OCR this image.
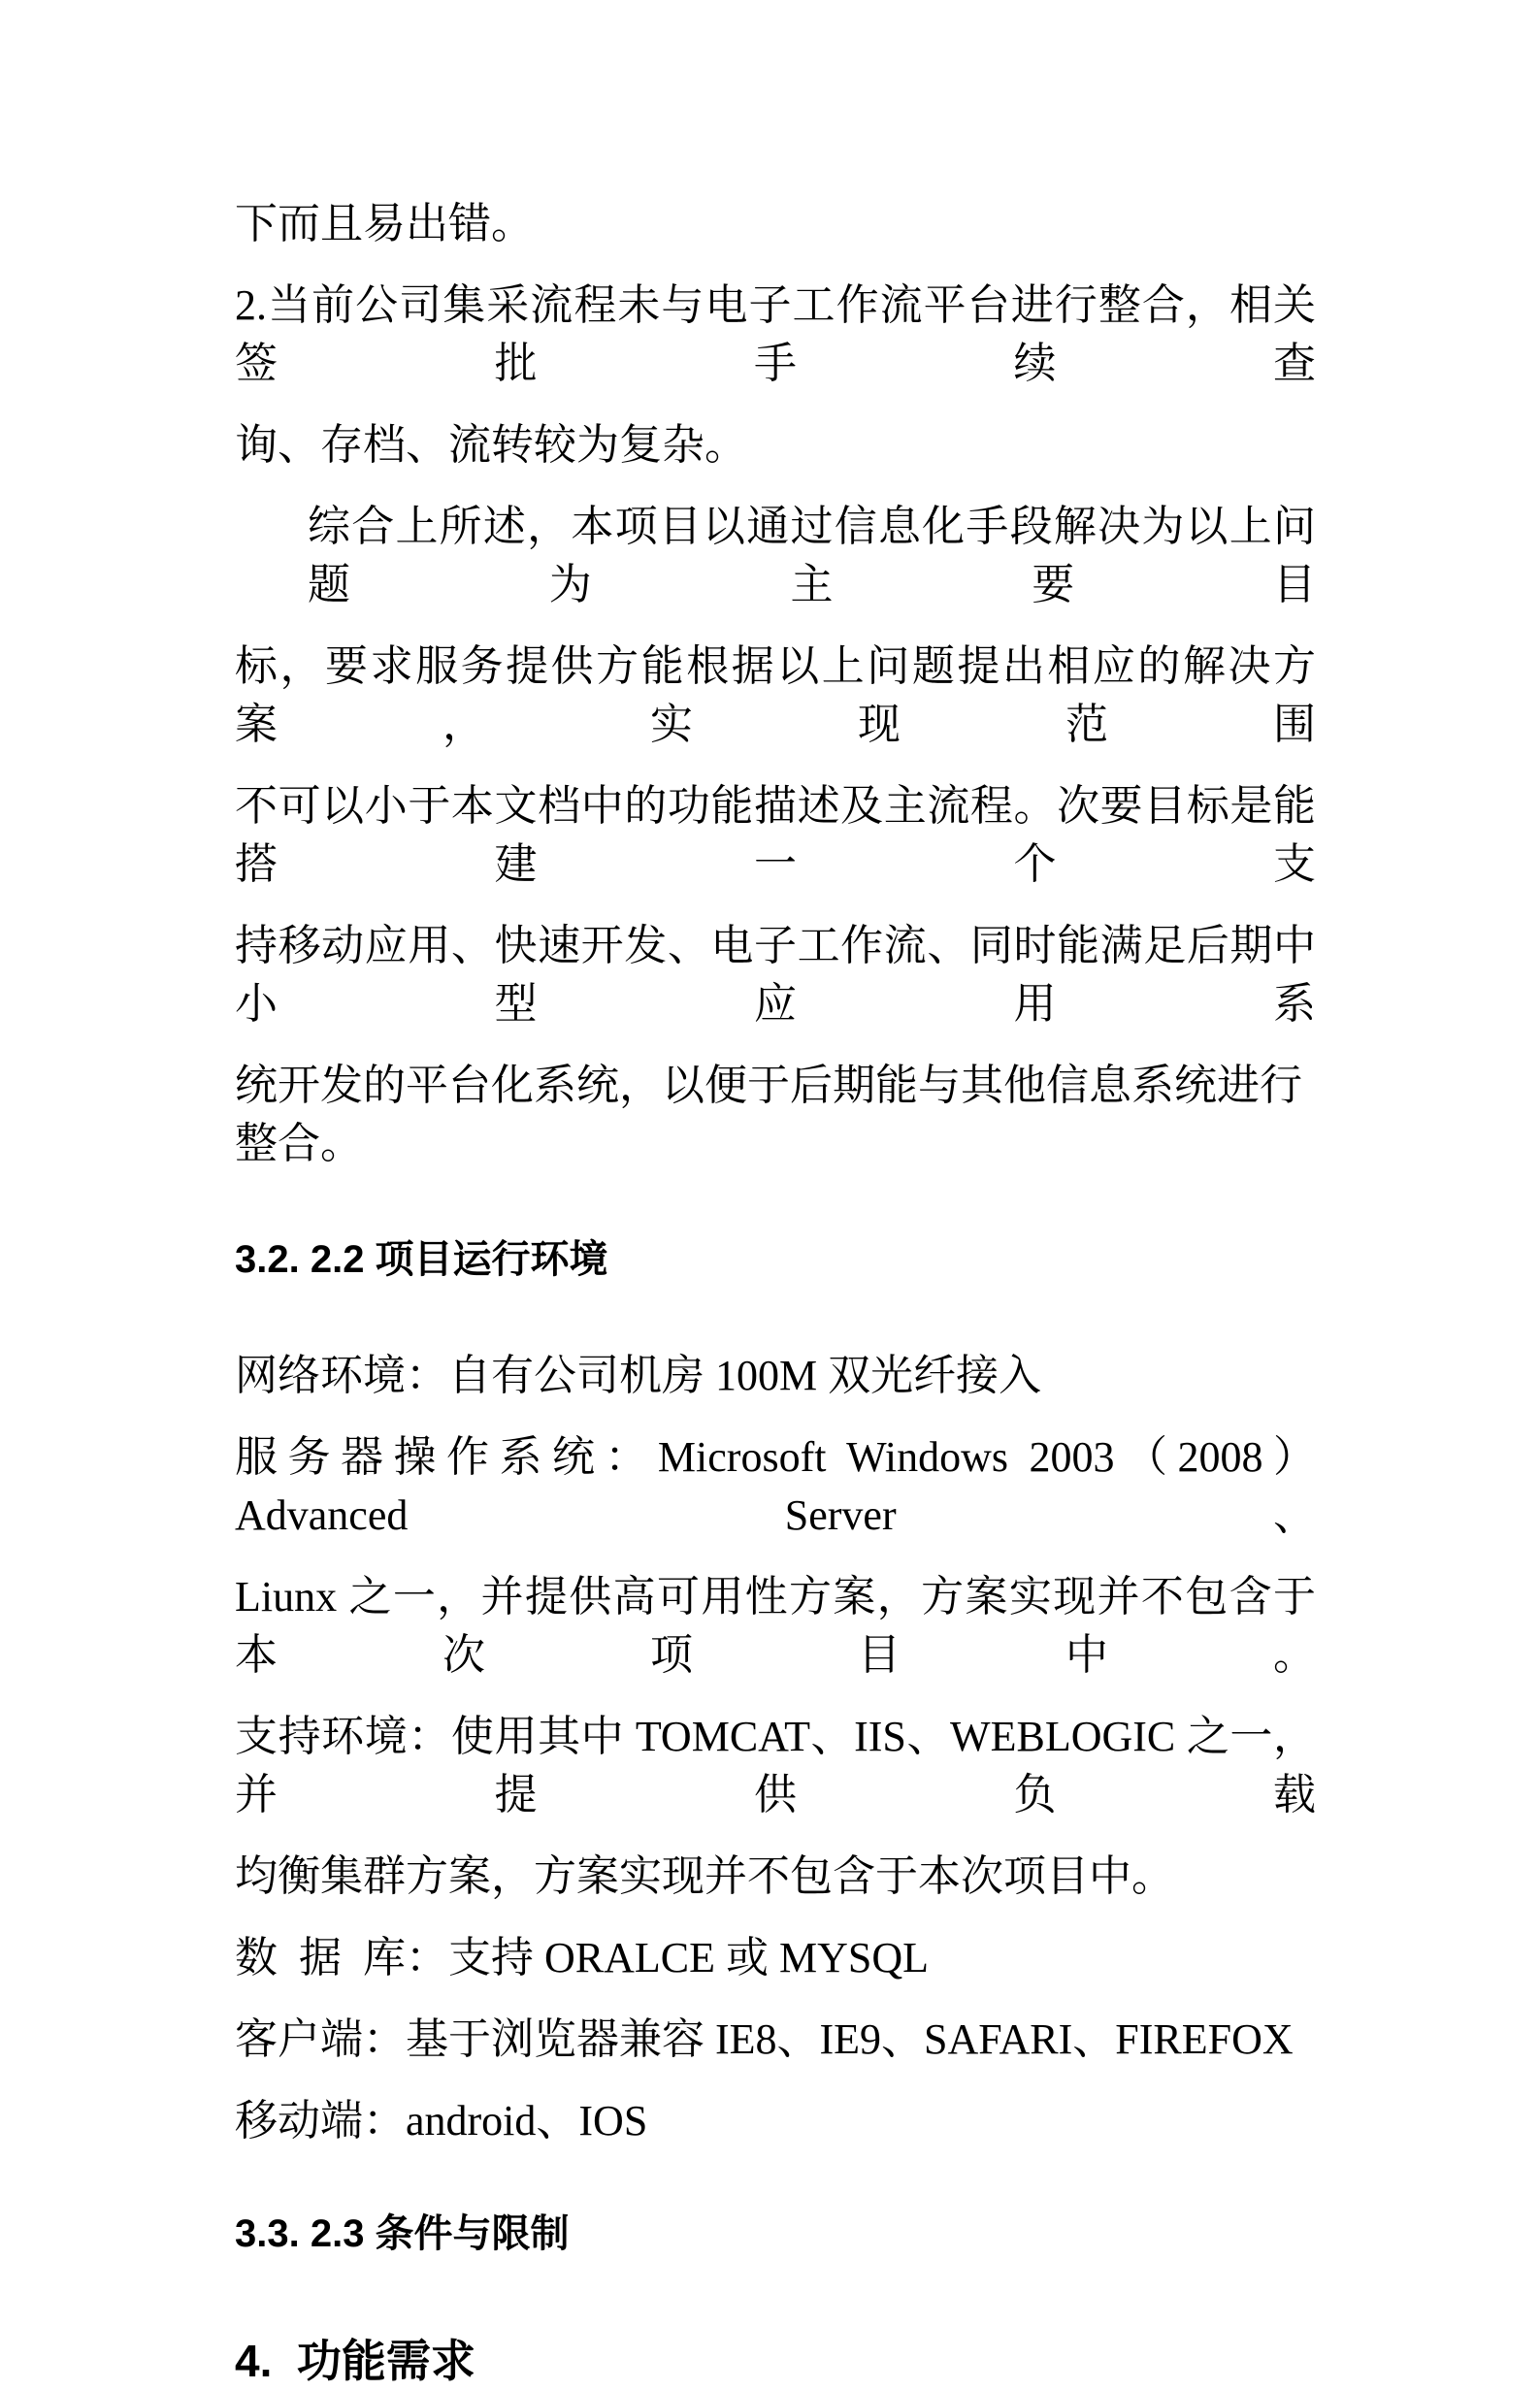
下而且易出错。
2.当前公司集采流程未与电子工作流平台进行整合，相关签批手续查
询、存档、流转较为复杂。
综合上所述，本项目以通过信息化手段解决为以上问题为主要目
标，要求服务提供方能根据以上问题提出相应的解决方案，实现范围
不可以小于本文档中的功能描述及主流程。次要目标是能搭建一个支
持移动应用、快速开发、电子工作流、同时能满足后期中小型应用系
统开发的平台化系统，以便于后期能与其他信息系统进行整合。
3.2. 2.2 项目运行环境
网络环境：自有公司机房 100M 双光纤接入
服务器操作系统：Microsoft Windows 2003（2008）Advanced Server 、
Liunx 之一，并提供高可用性方案，方案实现并不包含于本次项目中。
支持环境：使用其中 TOMCAT、IIS、WEBLOGIC 之一，并提供负载
均衡集群方案，方案实现并不包含于本次项目中。
数  据  库：支持 ORALCE 或 MYSQL
客户端：基于浏览器兼容 IE8、IE9、SAFARI、FIREFOX
移动端：android、IOS
3.3. 2.3 条件与限制
4.  功能需求
